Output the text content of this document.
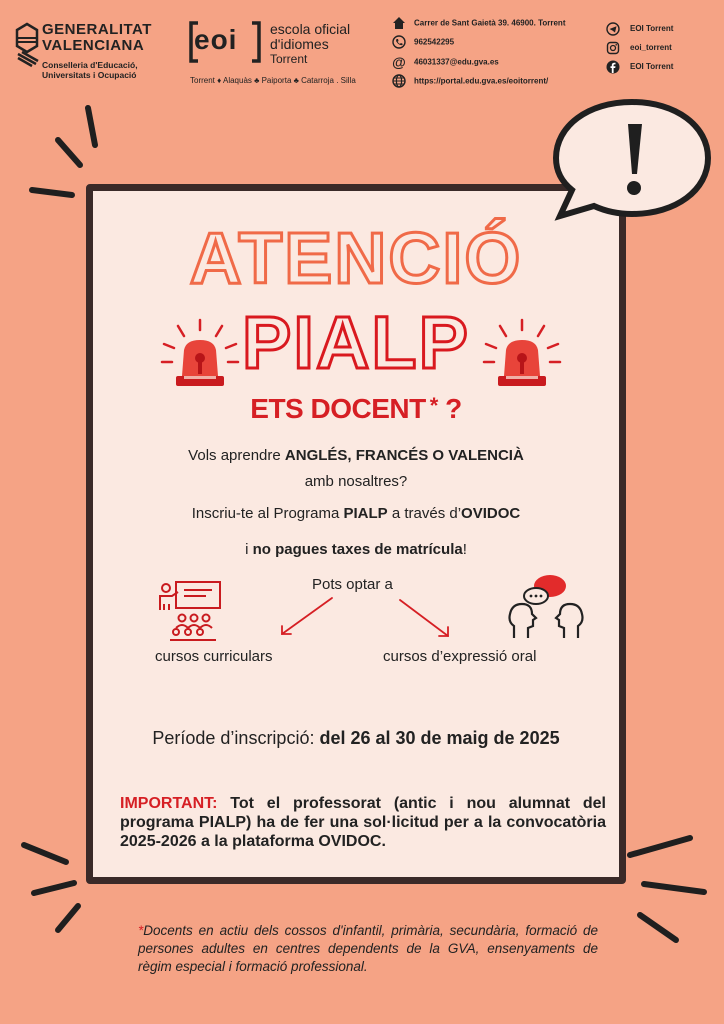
GENERALITAT
VALENCIANA
Conselleria d'Educació,
Universitats i Ocupació
eoi escola oficial
d'idiomes
Torrent
Torrent ♦ Alaquàs ♣ Paiporta ♣ Catarroja . Silla
Carrer de Sant Gaietà 39. 46900. Torrent
962542295
@ 46031337@edu.gva.es
https://portal.edu.gva.es/eoitorrent/
EOI Torrent
eoi_torrent
EOI Torrent
ATENCIÓ
PIALP
ETS DOCENT * ?
Vols aprendre ANGLÉS, FRANCÉS O VALENCIÀ
amb nosaltres?
Inscriu-te al Programa PIALP a través d’OVIDOC
i no pagues taxes de matrícula!
Pots optar a
cursos curriculars	cursos d’expressió oral
Període d’inscripció: del 26 al 30 de maig de 2025
IMPORTANT: Tot el professorat (antic i nou alumnat del programa PIALP) ha de fer una sol·licitud per a la convocatòria 2025-2026 a la plataforma OVIDOC.
*Docents en actiu dels cossos d'infantil, primària, secundària, formació de persones adultes en centres dependents de la GVA, ensenyaments de règim especial i formació professional.
